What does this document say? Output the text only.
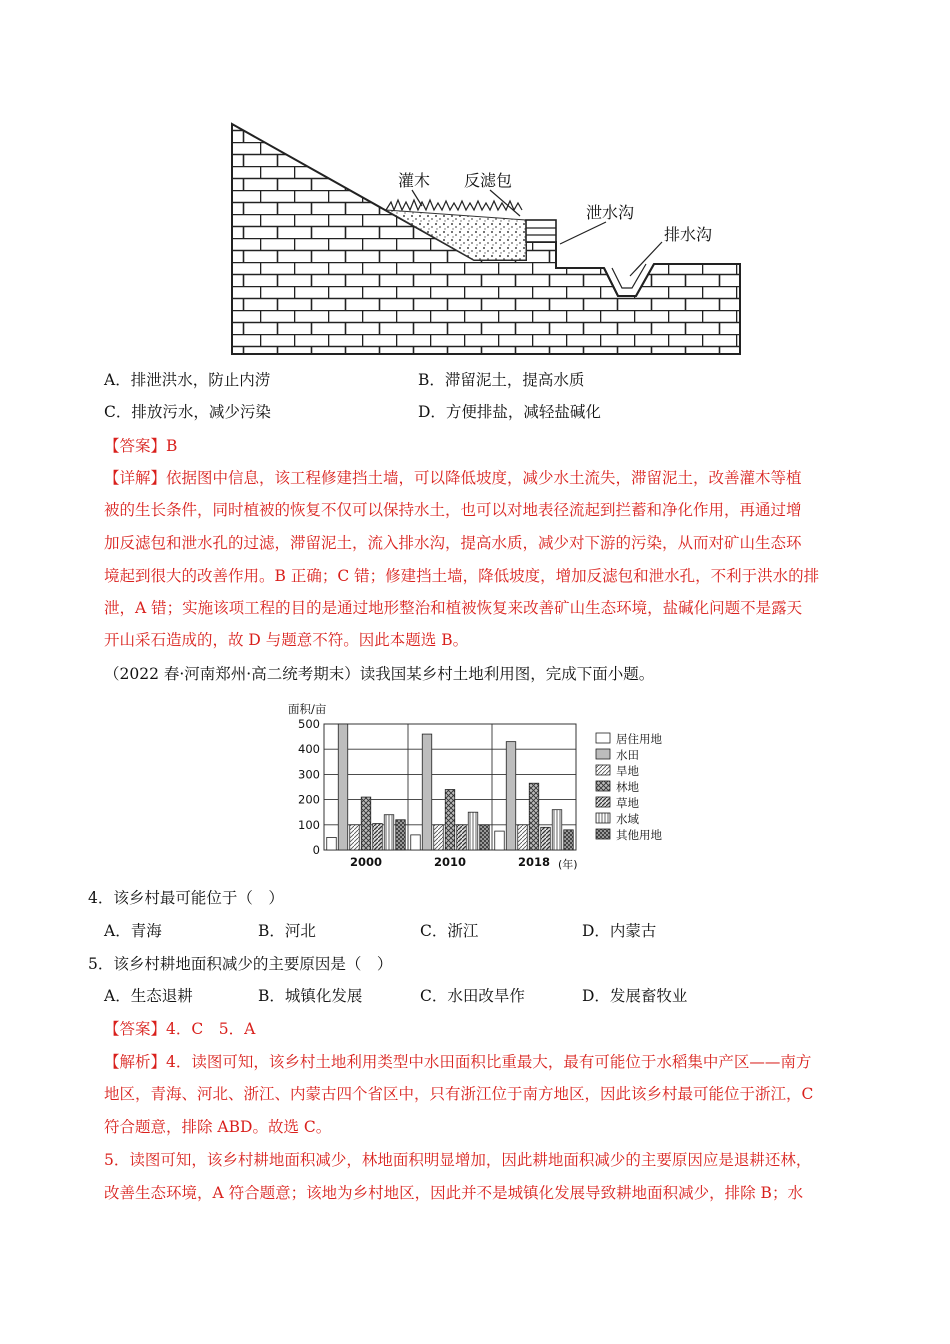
灌木 反滤包
泄水沟
排水沟
A．排泄洪水，防止内涝	B．滞留泥土，提高水质
C．排放污水，减少污染	D．方便排盐，减轻盐碱化
【答案】B
【详解】依据图中信息，该工程修建挡土墙，可以降低坡度，减少水土流失，滞留泥土，改善灌木等植
被的生长条件，同时植被的恢复不仅可以保持水土，也可以对地表径流起到拦蓄和净化作用，再通过增
加反滤包和泄水孔的过滤，滞留泥土，流入排水沟，提高水质，减少对下游的污染，从而对矿山生态环
境起到很大的改善作用。B 正确；C 错；修建挡土墙，降低坡度，增加反滤包和泄水孔，不利于洪水的排
泄，A 错；实施该项工程的目的是通过地形整治和植被恢复来改善矿山生态环境，盐碱化问题不是露天
开山采石造成的，故 D 与题意不符。因此本题选 B。
（2022 春·河南郑州·高二统考期末）读我国某乡村土地利用图，完成下面小题。
面积/亩
0
100
200
300
400
500
2000	2010	2018 (年)
居住用地
水田
旱地
林地
草地
水域
其他用地
4．该乡村最可能位于（　）
A．青海	B．河北	C．浙江	D．内蒙古
5．该乡村耕地面积减少的主要原因是（　）
A．生态退耕	B．城镇化发展	C．水田改旱作	D．发展畜牧业
【答案】4．C　5．A
【解析】4．读图可知，该乡村土地利用类型中水田面积比重最大，最有可能位于水稻集中产区——南方
地区，青海、河北、浙江、内蒙古四个省区中，只有浙江位于南方地区，因此该乡村最可能位于浙江，C
符合题意，排除 ABD。故选 C。
5．读图可知，该乡村耕地面积减少，林地面积明显增加，因此耕地面积减少的主要原因应是退耕还林，
改善生态环境，A 符合题意；该地为乡村地区，因此并不是城镇化发展导致耕地面积减少，排除 B；水
